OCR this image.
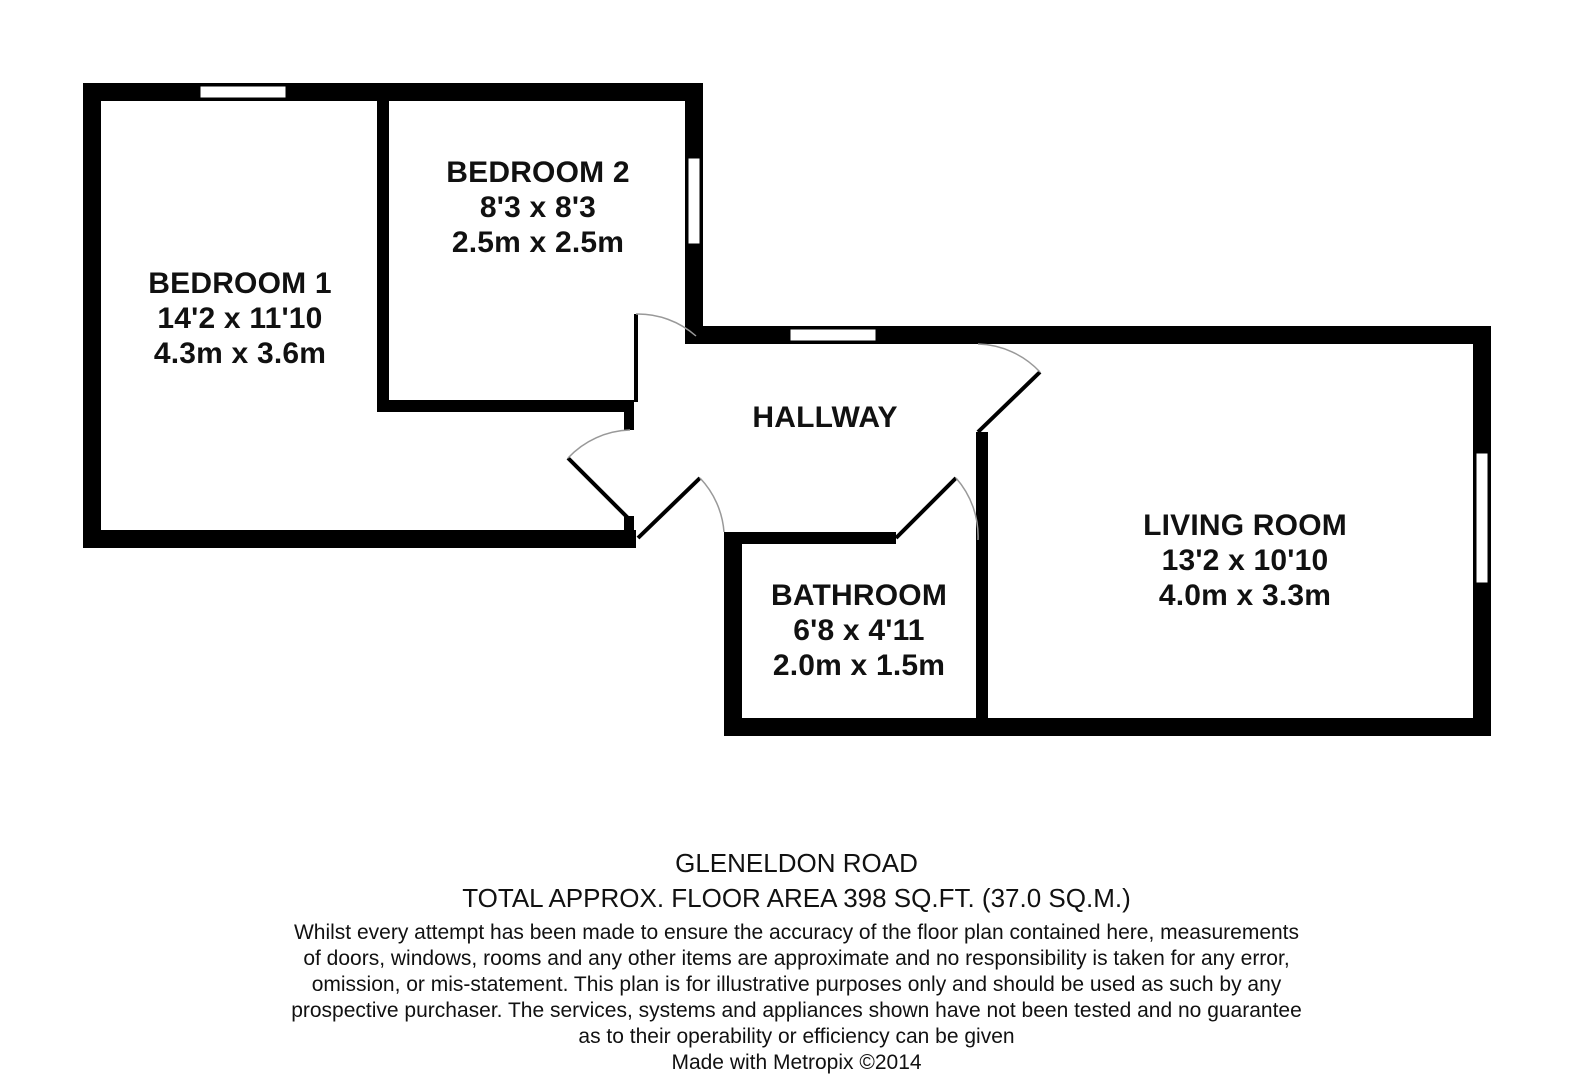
BEDROOM 1
14'2 x 11'10
4.3m x 3.6m
BEDROOM 2
8'3 x 8'3
2.5m x 2.5m
HALLWAY
BATHROOM
6'8 x 4'11
2.0m x 1.5m
LIVING ROOM
13'2 x 10'10
4.0m x 3.3m
GLENELDON ROAD
TOTAL APPROX. FLOOR AREA 398 SQ.FT. (37.0 SQ.M.)
Whilst every attempt has been made to ensure the accuracy of the floor plan contained here, measurements
of doors, windows, rooms and any other items are approximate and no responsibility is taken for any error,
omission, or mis-statement. This plan is for illustrative purposes only and should be used as such by any
prospective purchaser. The services, systems and appliances shown have not been tested and no guarantee
as to their operability or efficiency can be given
Made with Metropix ©2014
